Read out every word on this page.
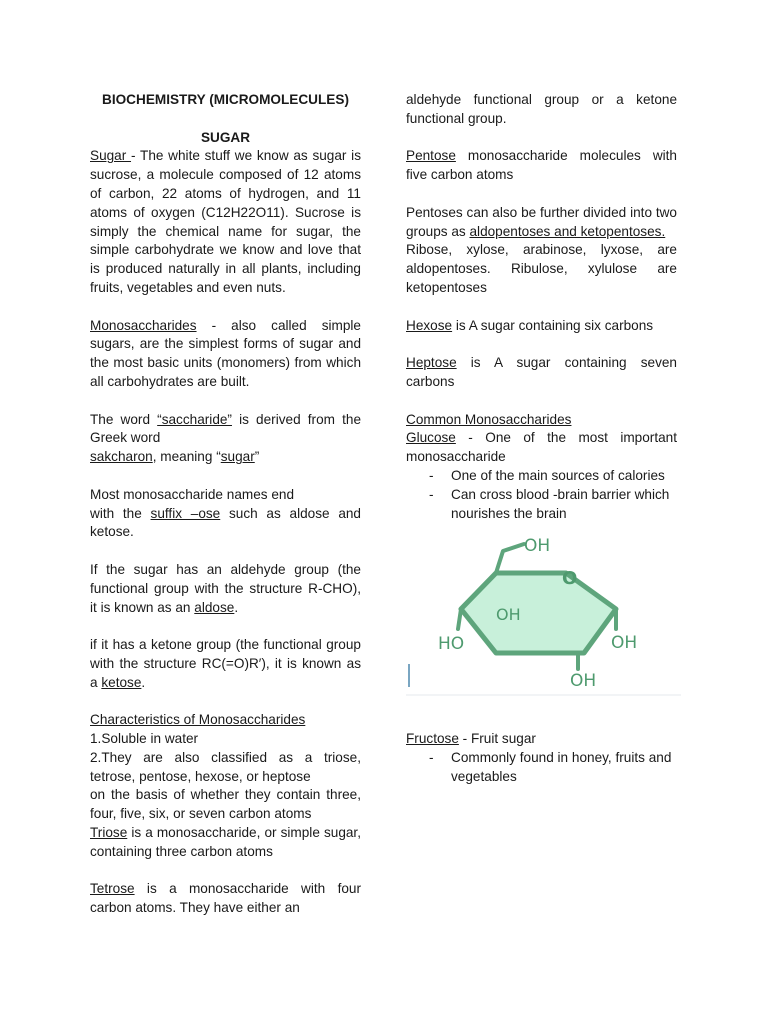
BIOCHEMISTRY (MICROMOLECULES)

SUGAR

Sugar - The white stuff we know as sugar is sucrose, a molecule composed of 12 atoms of carbon, 22 atoms of hydrogen, and 11 atoms of oxygen (C12H22O11). Sucrose is simply the chemical name for sugar, the simple carbohydrate we know and love that is produced naturally in all plants, including fruits, vegetables and even nuts.

Monosaccharides - also called simple sugars, are the simplest forms of sugar and the most basic units (monomers) from which all carbohydrates are built.

The word “saccharide” is derived from the Greek word

sakcharon, meaning “sugar”

Most monosaccharide names end

with the suffix –ose such as aldose and ketose.

If the sugar has an aldehyde group (the functional group with the structure R-CHO), it is known as an aldose.

if it has a ketone group (the functional group with the structure RC(=O)R′), it is known as a ketose.

Characteristics of Monosaccharides

1.Soluble in water

2.They are also classified as a triose, tetrose, pentose, hexose, or heptose

on the basis of whether they contain three, four, five, six, or seven carbon atoms

Triose is a monosaccharide, or simple sugar, containing three carbon atoms

Tetrose is a monosaccharide with four carbon atoms. They have either an

aldehyde functional group or a ketone functional group.

Pentose monosaccharide molecules with five carbon atoms

Pentoses can also be further divided into two groups as aldopentoses and ketopentoses.

Ribose, xylose, arabinose, lyxose, are aldopentoses. Ribulose, xylulose are ketopentoses

Hexose is A sugar containing six carbons

Heptose is A sugar containing seven carbons

Common Monosaccharides

Glucose - One of the most important monosaccharide

- One of the main sources of calories
- Can cross blood -brain barrier which nourishes the brain
OH
O
OH
HO	OH
OH

Fructose - Fruit sugar

- Commonly found in honey, fruits and vegetables
